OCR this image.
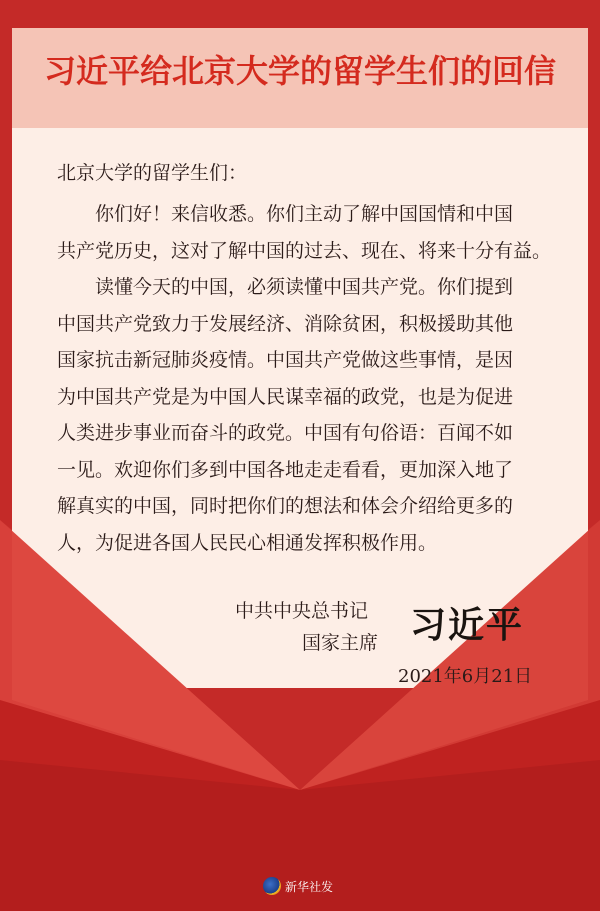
习近平给北京大学的留学生们的回信
北京大学的留学生们：
　　你们好！来信收悉。你们主动了解中国国情和中国
共产党历史，这对了解中国的过去、现在、将来十分有益。
　　读懂今天的中国，必须读懂中国共产党。你们提到
中国共产党致力于发展经济、消除贫困，积极援助其他
国家抗击新冠肺炎疫情。中国共产党做这些事情，是因
为中国共产党是为中国人民谋幸福的政党，也是为促进
人类进步事业而奋斗的政党。中国有句俗语：百闻不如
一见。欢迎你们多到中国各地走走看看，更加深入地了
解真实的中国，同时把你们的想法和体会介绍给更多的
人，为促进各国人民民心相通发挥积极作用。
中共中央总书记
国家主席 习近平
2021年6月21日
新华社发
